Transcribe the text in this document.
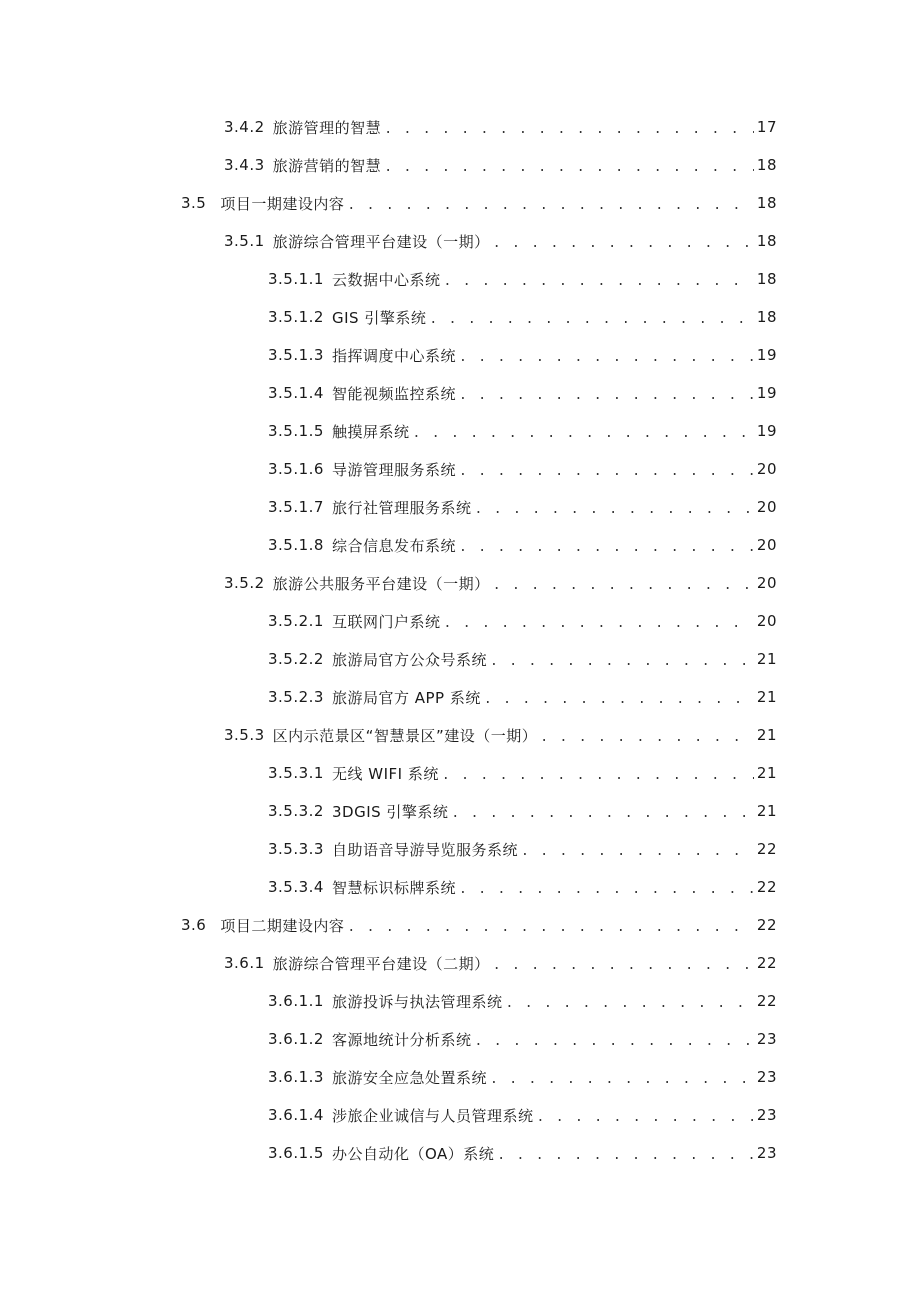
3.4.2 旅游管理的智慧 . . .	17
3.4.3 旅游营销的智慧 . . .	18
3.5 项目一期建设内容 . . .	18
3.5.1 旅游综合管理平台建设（一期） . . .	18
3.5.1.1 云数据中心系统 . . .	18
3.5.1.2 GIS 引擎系统 . . .	18
3.5.1.3 指挥调度中心系统 . . .	19
3.5.1.4 智能视频监控系统 . . .	19
3.5.1.5 触摸屏系统 . . .	19
3.5.1.6 导游管理服务系统 . . .	20
3.5.1.7 旅行社管理服务系统 . . .	20
3.5.1.8 综合信息发布系统 . . .	20
3.5.2 旅游公共服务平台建设（一期） . . .	20
3.5.2.1 互联网门户系统 . . .	20
3.5.2.2 旅游局官方公众号系统 . . .	21
3.5.2.3 旅游局官方 APP 系统 . . .	21
3.5.3 区内示范景区“智慧景区”建设（一期） . . .	21
3.5.3.1 无线 WIFI 系统 . . .	21
3.5.3.2 3DGIS 引擎系统 . . .	21
3.5.3.3 自助语音导游导览服务系统 . . .	22
3.5.3.4 智慧标识标牌系统 . . .	22
3.6 项目二期建设内容 . . .	22
3.6.1 旅游综合管理平台建设（二期） . . .	22
3.6.1.1 旅游投诉与执法管理系统 . . .	22
3.6.1.2 客源地统计分析系统 . . .	23
3.6.1.3 旅游安全应急处置系统 . . .	23
3.6.1.4 涉旅企业诚信与人员管理系统 . . .	23
3.6.1.5 办公自动化（OA）系统 . . .	23
